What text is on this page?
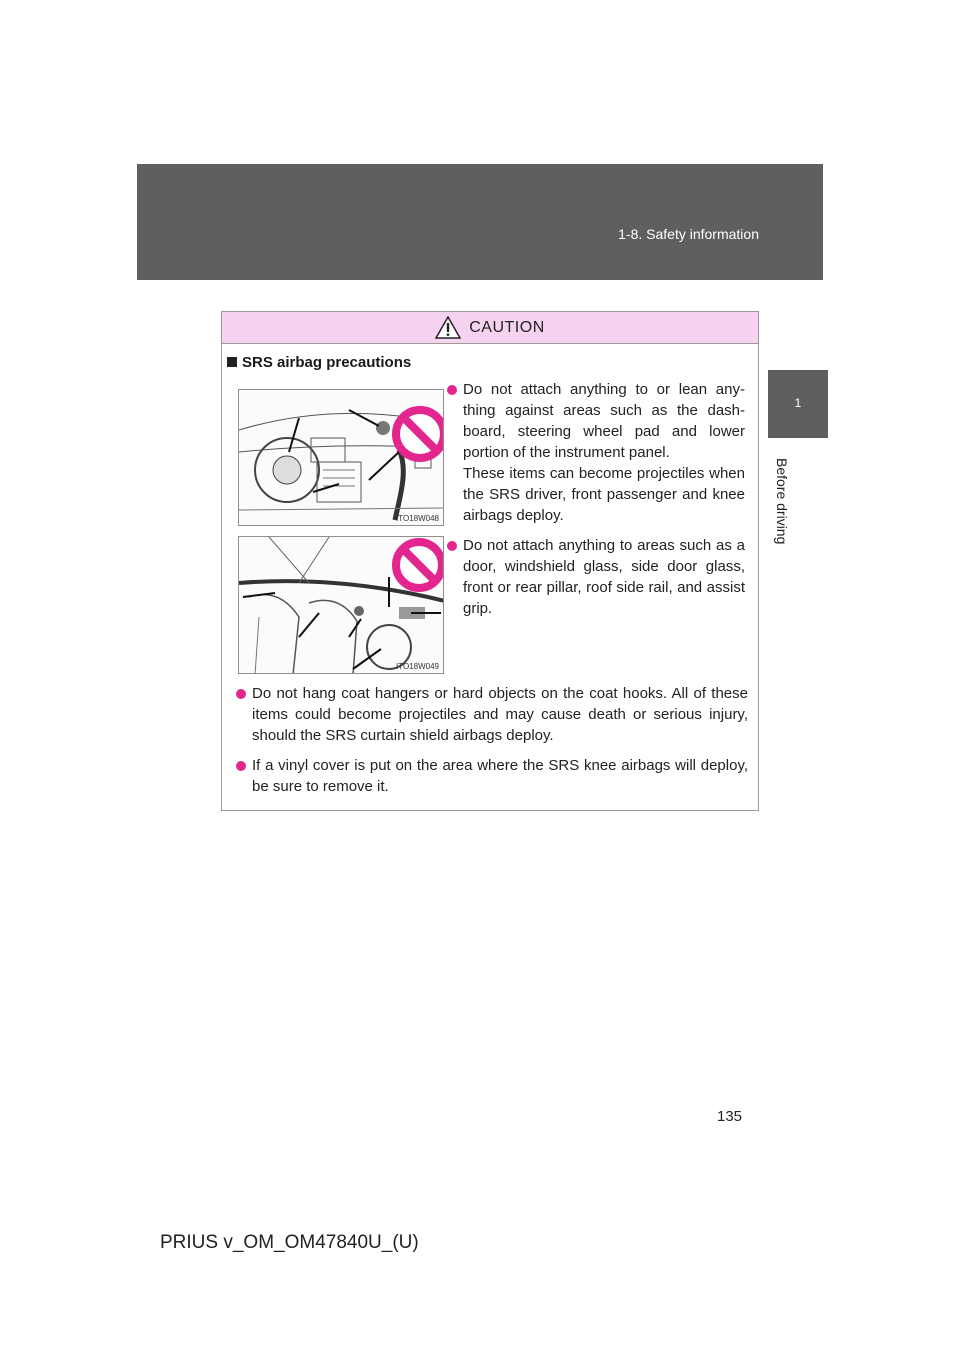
1-8. Safety information
1
Before driving
CAUTION
SRS airbag precautions
ITO18W048
ITO18W049
Do not attach anything to or lean any-thing against areas such as the dash-board, steering wheel pad and lower portion of the instrument panel.
These items can become projectiles when the SRS driver, front passenger and knee airbags deploy.
Do not attach anything to areas such as a door, windshield glass, side door glass, front or rear pillar, roof side rail, and assist grip.
Do not hang coat hangers or hard objects on the coat hooks. All of these items could become projectiles and may cause death or serious injury, should the SRS curtain shield airbags deploy.
If a vinyl cover is put on the area where the SRS knee airbags will deploy, be sure to remove it.
135
PRIUS v_OM_OM47840U_(U)
